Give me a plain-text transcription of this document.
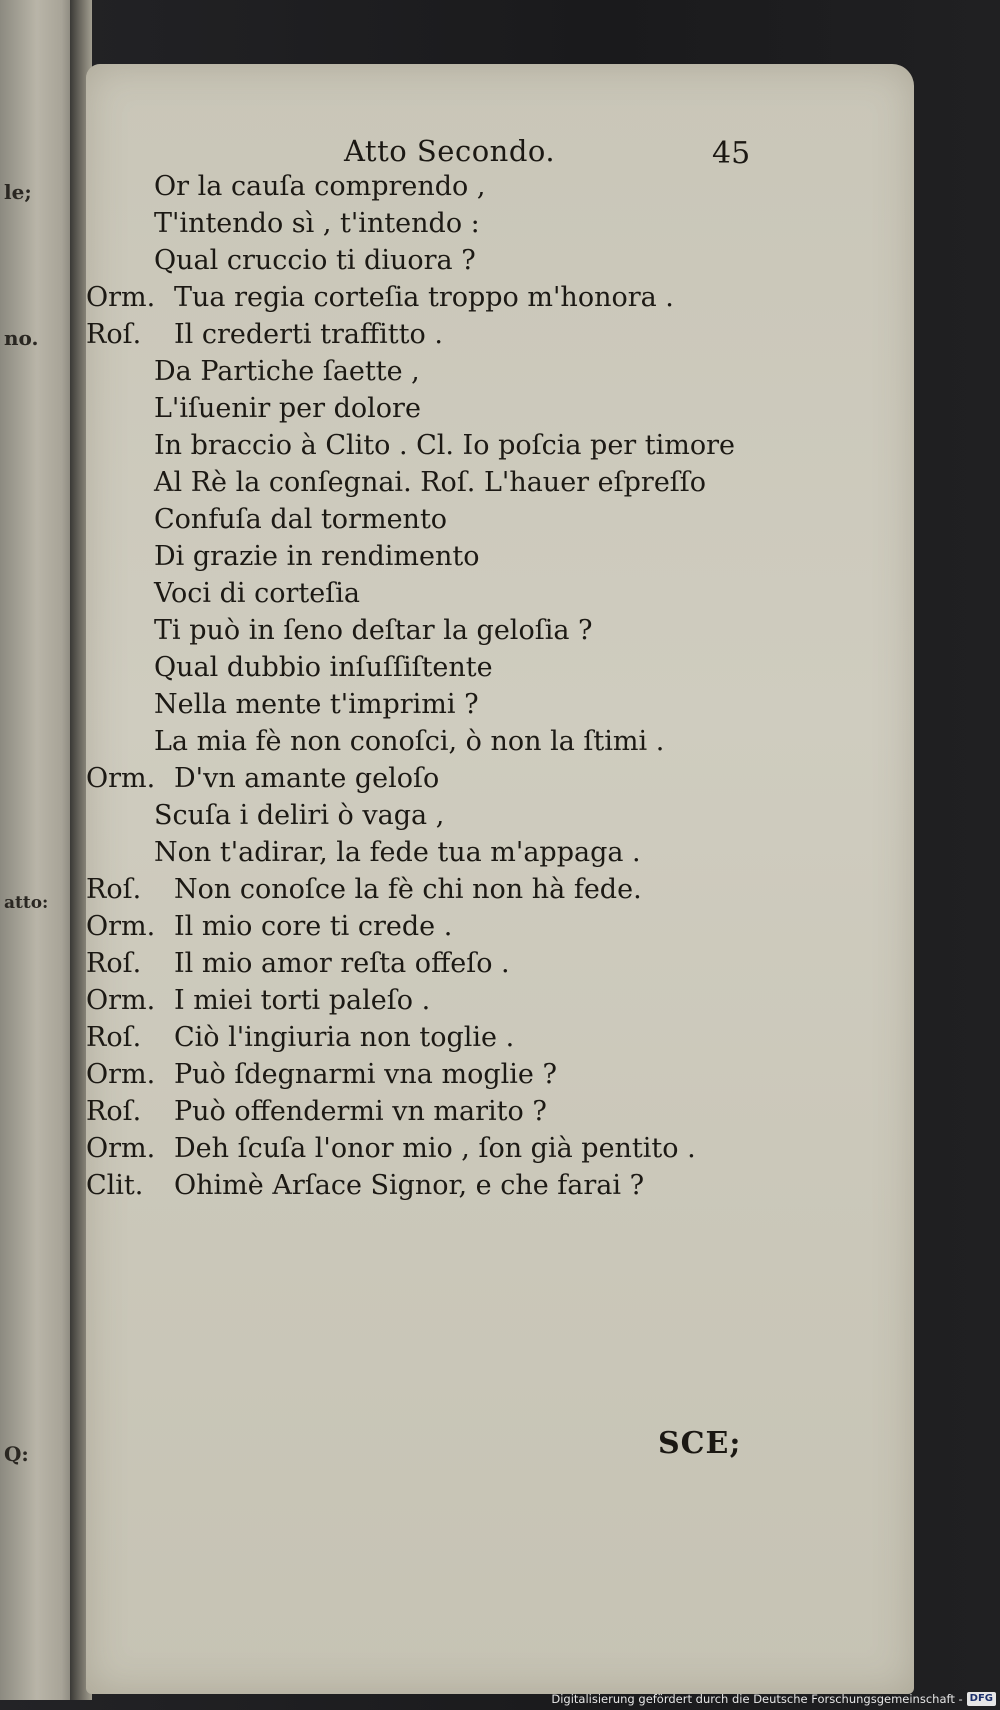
le;
no.
atto:
Q:
Atto Secondo.	45
Or la cauſa comprendo ,
T'intendo sì , t'intendo :
Qual cruccio ti diuora ?
Orm. Tua regia corteſia troppo m'honora .
Roſ. Il crederti traffitto .
Da Partiche ſaette ,
L'iſuenir per dolore
In braccio à Clito . Cl. Io poſcia per timore
Al Rè la conſegnai. Roſ. L'hauer eſpreſſo
Confuſa dal tormento
Di grazie in rendimento
Voci di corteſia
Ti può in ſeno deſtar la geloſia ?
Qual dubbio inſuſſiſtente
Nella mente t'imprimi ?
La mia fè non conoſci, ò non la ſtimi .
Orm. D'vn amante geloſo
Scuſa i deliri ò vaga ,
Non t'adirar, la fede tua m'appaga .
Roſ. Non conoſce la fè chi non hà fede.
Orm. Il mio core ti crede .
Roſ. Il mio amor reſta offeſo .
Orm. I miei torti paleſo .
Roſ. Ciò l'ingiuria non toglie .
Orm. Può ſdegnarmi vna moglie ?
Roſ. Può offendermi vn marito ?
Orm. Deh ſcuſa l'onor mio , ſon già pentito .
Clit. Ohimè Arſace Signor, e che farai ?
SCE;
Digitalisierung gefördert durch die Deutsche Forschungsgemeinschaft - DFG
